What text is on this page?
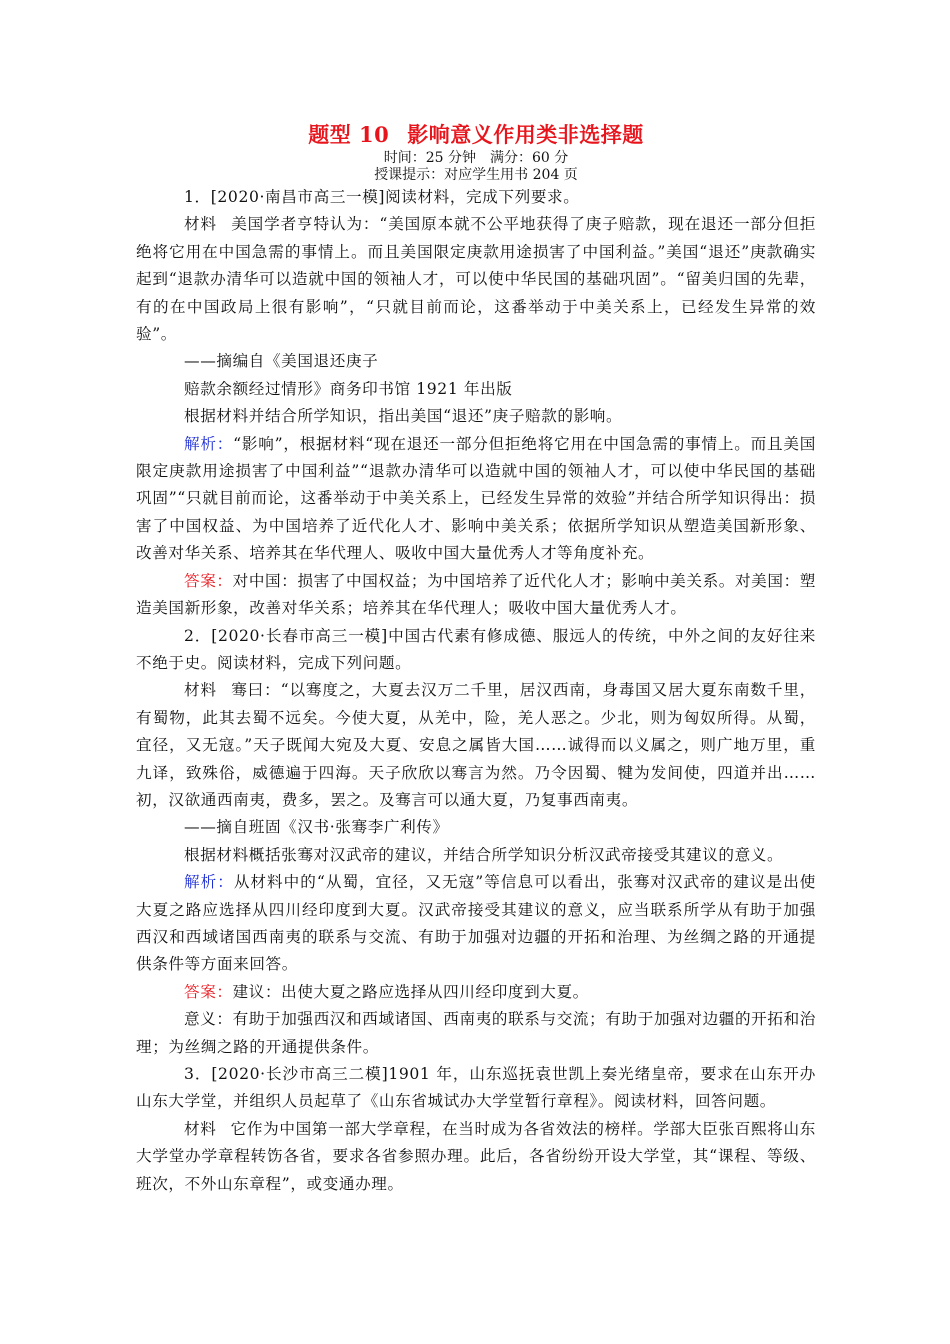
题型 10 影响意义作用类非选择题
时间：25 分钟　满分：60 分
授课提示：对应学生用书 204 页

1．[2020·南昌市高三一模]阅读材料，完成下列要求。

材料 美国学者亨特认为：“美国原本就不公平地获得了庚子赔款，现在退还一部分但拒绝将它用在中国急需的事情上。而且美国限定庚款用途损害了中国利益。”美国“退还”庚款确实起到“退款办清华可以造就中国的领袖人才，可以使中华民国的基础巩固”。“留美归国的先辈，有的在中国政局上很有影响”，“只就目前而论，这番举动于中美关系上，已经发生异常的效验”。

——摘编自《美国退还庚子

赔款余额经过情形》商务印书馆 1921 年出版

根据材料并结合所学知识，指出美国“退还”庚子赔款的影响。

解析：“影响”，根据材料“现在退还一部分但拒绝将它用在中国急需的事情上。而且美国限定庚款用途损害了中国利益”“退款办清华可以造就中国的领袖人才，可以使中华民国的基础巩固”“只就目前而论，这番举动于中美关系上，已经发生异常的效验”并结合所学知识得出：损害了中国权益、为中国培养了近代化人才、影响中美关系；依据所学知识从塑造美国新形象、改善对华关系、培养其在华代理人、吸收中国大量优秀人才等角度补充。

答案：对中国：损害了中国权益；为中国培养了近代化人才；影响中美关系。对美国：塑造美国新形象，改善对华关系；培养其在华代理人；吸收中国大量优秀人才。

2．[2020·长春市高三一模]中国古代素有修成德、服远人的传统，中外之间的友好往来不绝于史。阅读材料，完成下列问题。

材料 骞曰：“以骞度之，大夏去汉万二千里，居汉西南，身毒国又居大夏东南数千里，有蜀物，此其去蜀不远矣。今使大夏，从羌中，险，羌人恶之。少北，则为匈奴所得。从蜀，宜径，又无寇。”天子既闻大宛及大夏、安息之属皆大国……诚得而以义属之，则广地万里，重九译，致殊俗，威德遍于四海。天子欣欣以骞言为然。乃令因蜀、犍为发间使，四道并出……初，汉欲通西南夷，费多，罢之。及骞言可以通大夏，乃复事西南夷。

——摘自班固《汉书·张骞李广利传》

根据材料概括张骞对汉武帝的建议，并结合所学知识分析汉武帝接受其建议的意义。

解析：从材料中的“从蜀，宜径，又无寇”等信息可以看出，张骞对汉武帝的建议是出使大夏之路应选择从四川经印度到大夏。汉武帝接受其建议的意义，应当联系所学从有助于加强西汉和西域诸国西南夷的联系与交流、有助于加强对边疆的开拓和治理、为丝绸之路的开通提供条件等方面来回答。

答案：建议：出使大夏之路应选择从四川经印度到大夏。

意义：有助于加强西汉和西域诸国、西南夷的联系与交流；有助于加强对边疆的开拓和治理；为丝绸之路的开通提供条件。

3．[2020·长沙市高三二模]1901 年，山东巡抚袁世凯上奏光绪皇帝，要求在山东开办山东大学堂，并组织人员起草了《山东省城试办大学堂暂行章程》。阅读材料，回答问题。

材料 它作为中国第一部大学章程，在当时成为各省效法的榜样。学部大臣张百熙将山东大学堂办学章程转饬各省，要求各省参照办理。此后，各省纷纷开设大学堂，其“课程、等级、班次，不外山东章程”，或变通办理。
